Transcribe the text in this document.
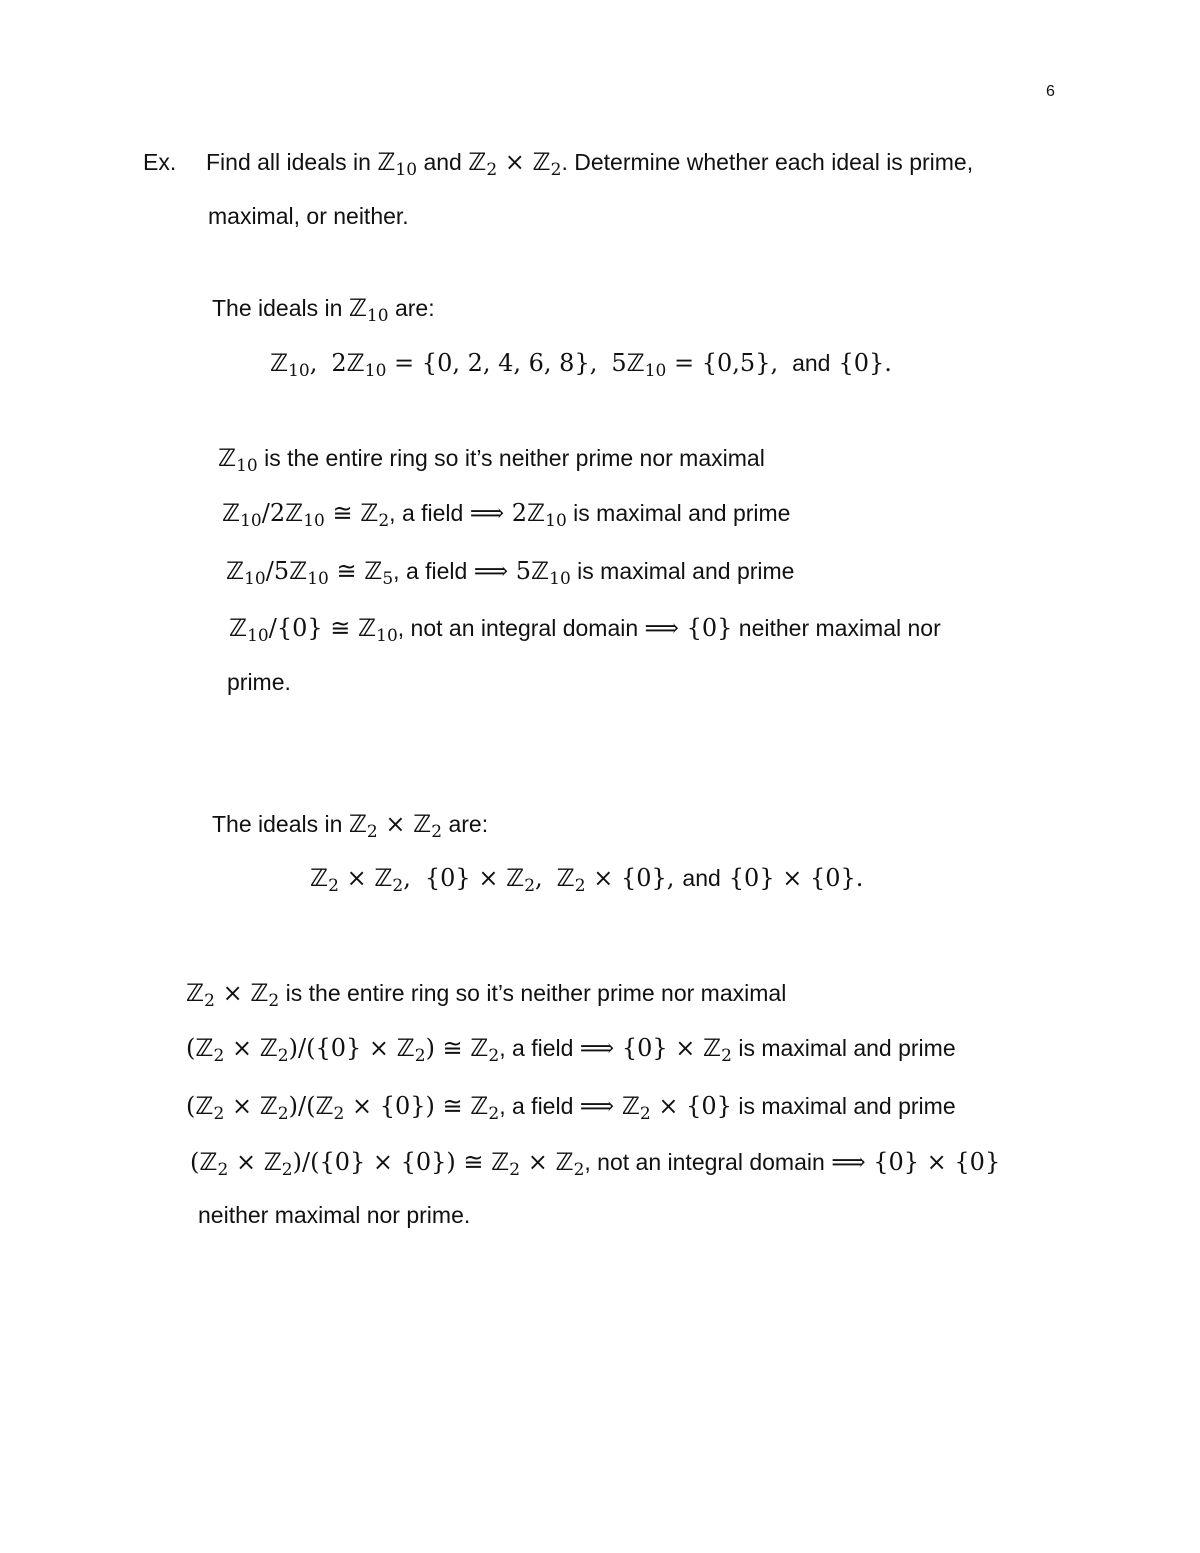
6
Ex. Find all ideals in ℤ$_{10}$ and ℤ$_2$ × ℤ$_2$. Determine whether each ideal is prime,
maximal, or neither.
The ideals in ℤ$_{10}$ are:
ℤ$_{10}$, 2ℤ$_{10}$ = {0, 2, 4, 6, 8}, 5ℤ$_{10}$ = {0,5}, and {0}.
ℤ$_{10}$ is the entire ring so it’s neither prime nor maximal
ℤ$_{10}$/2ℤ$_{10}$ ≅ ℤ$_2$, a field ⟹ 2ℤ$_{10}$ is maximal and prime
ℤ$_{10}$/5ℤ$_{10}$ ≅ ℤ$_5$, a field ⟹ 5ℤ$_{10}$ is maximal and prime
ℤ$_{10}$/{0} ≅ ℤ$_{10}$, not an integral domain ⟹ {0} neither maximal nor
prime.
The ideals in ℤ$_2$ × ℤ$_2$ are:
ℤ$_2$ × ℤ$_2$, {0} × ℤ$_2$, ℤ$_2$ × {0}, and {0} × {0}.
ℤ$_2$ × ℤ$_2$ is the entire ring so it’s neither prime nor maximal
(ℤ$_2$ × ℤ$_2$)/({0} × ℤ$_2$) ≅ ℤ$_2$, a field ⟹ {0} × ℤ$_2$ is maximal and prime
(ℤ$_2$ × ℤ$_2$)/(ℤ$_2$ × {0}) ≅ ℤ$_2$, a field ⟹ ℤ$_2$ × {0} is maximal and prime
(ℤ$_2$ × ℤ$_2$)/({0} × {0}) ≅ ℤ$_2$ × ℤ$_2$, not an integral domain ⟹ {0} × {0}
neither maximal nor prime.
